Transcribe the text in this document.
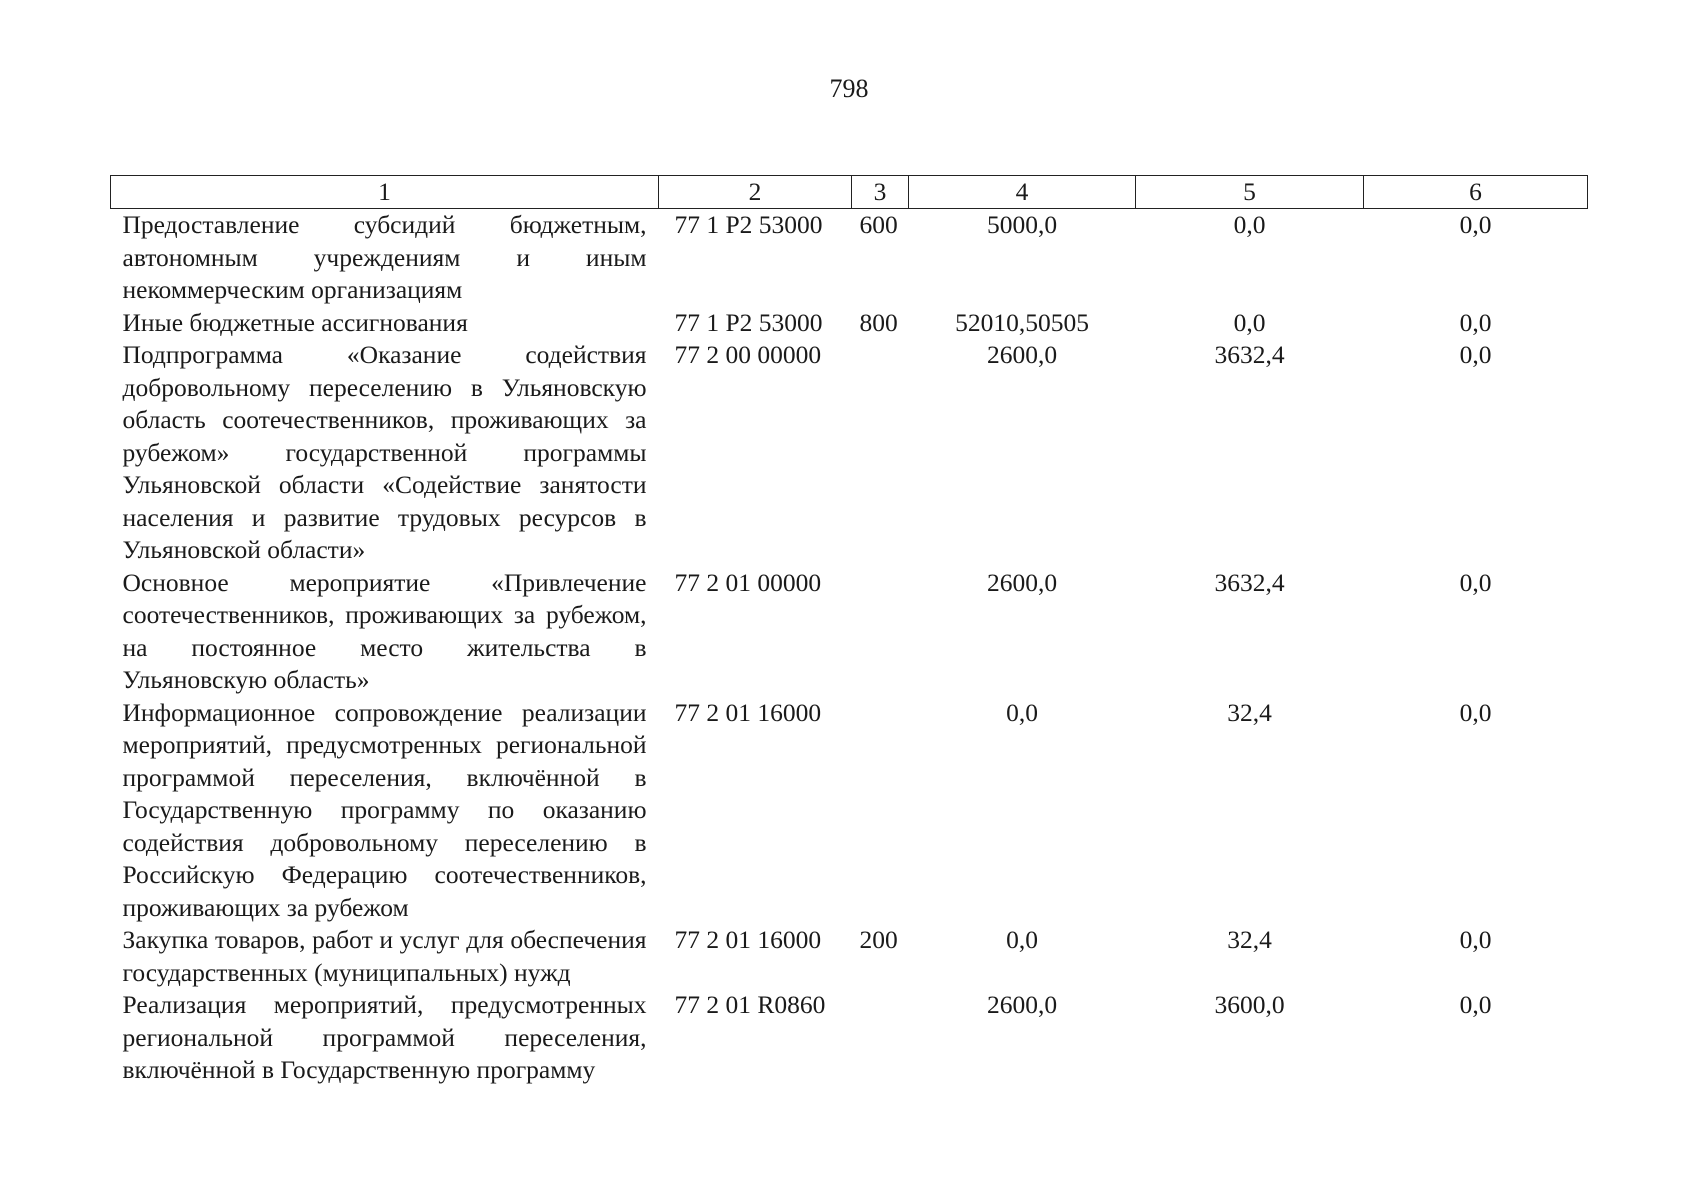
798
1	2	3	4	5	6
Предоставление субсидий бюджетным, автономным учреждениям и иным некоммерческим организациям	77 1 P2 53000	600	5000,0	0,0	0,0
Иные бюджетные ассигнования	77 1 P2 53000	800	52010,50505	0,0	0,0
Подпрограмма «Оказание содействия добровольному переселению в Ульяновскую область соотечественников, проживающих за рубежом» государственной программы Ульяновской области «Содействие занятости населения и развитие трудовых ресурсов в Ульяновской области»	77 2 00 00000		2600,0	3632,4	0,0
Основное мероприятие «Привлечение соотечественников, проживающих за рубежом, на постоянное место жительства в Ульяновскую область»	77 2 01 00000		2600,0	3632,4	0,0
Информационное сопровождение реализации мероприятий, предусмотренных региональной программой переселения, включённой в Государственную программу по оказанию содействия добровольному переселению в Российскую Федерацию соотечественников, проживающих за рубежом	77 2 01 16000		0,0	32,4	0,0
Закупка товаров, работ и услуг для обеспечения государственных (муниципальных) нужд	77 2 01 16000	200	0,0	32,4	0,0
Реализация мероприятий, предусмотренных региональной программой переселения, включённой в Государственную программу	77 2 01 R0860		2600,0	3600,0	0,0
